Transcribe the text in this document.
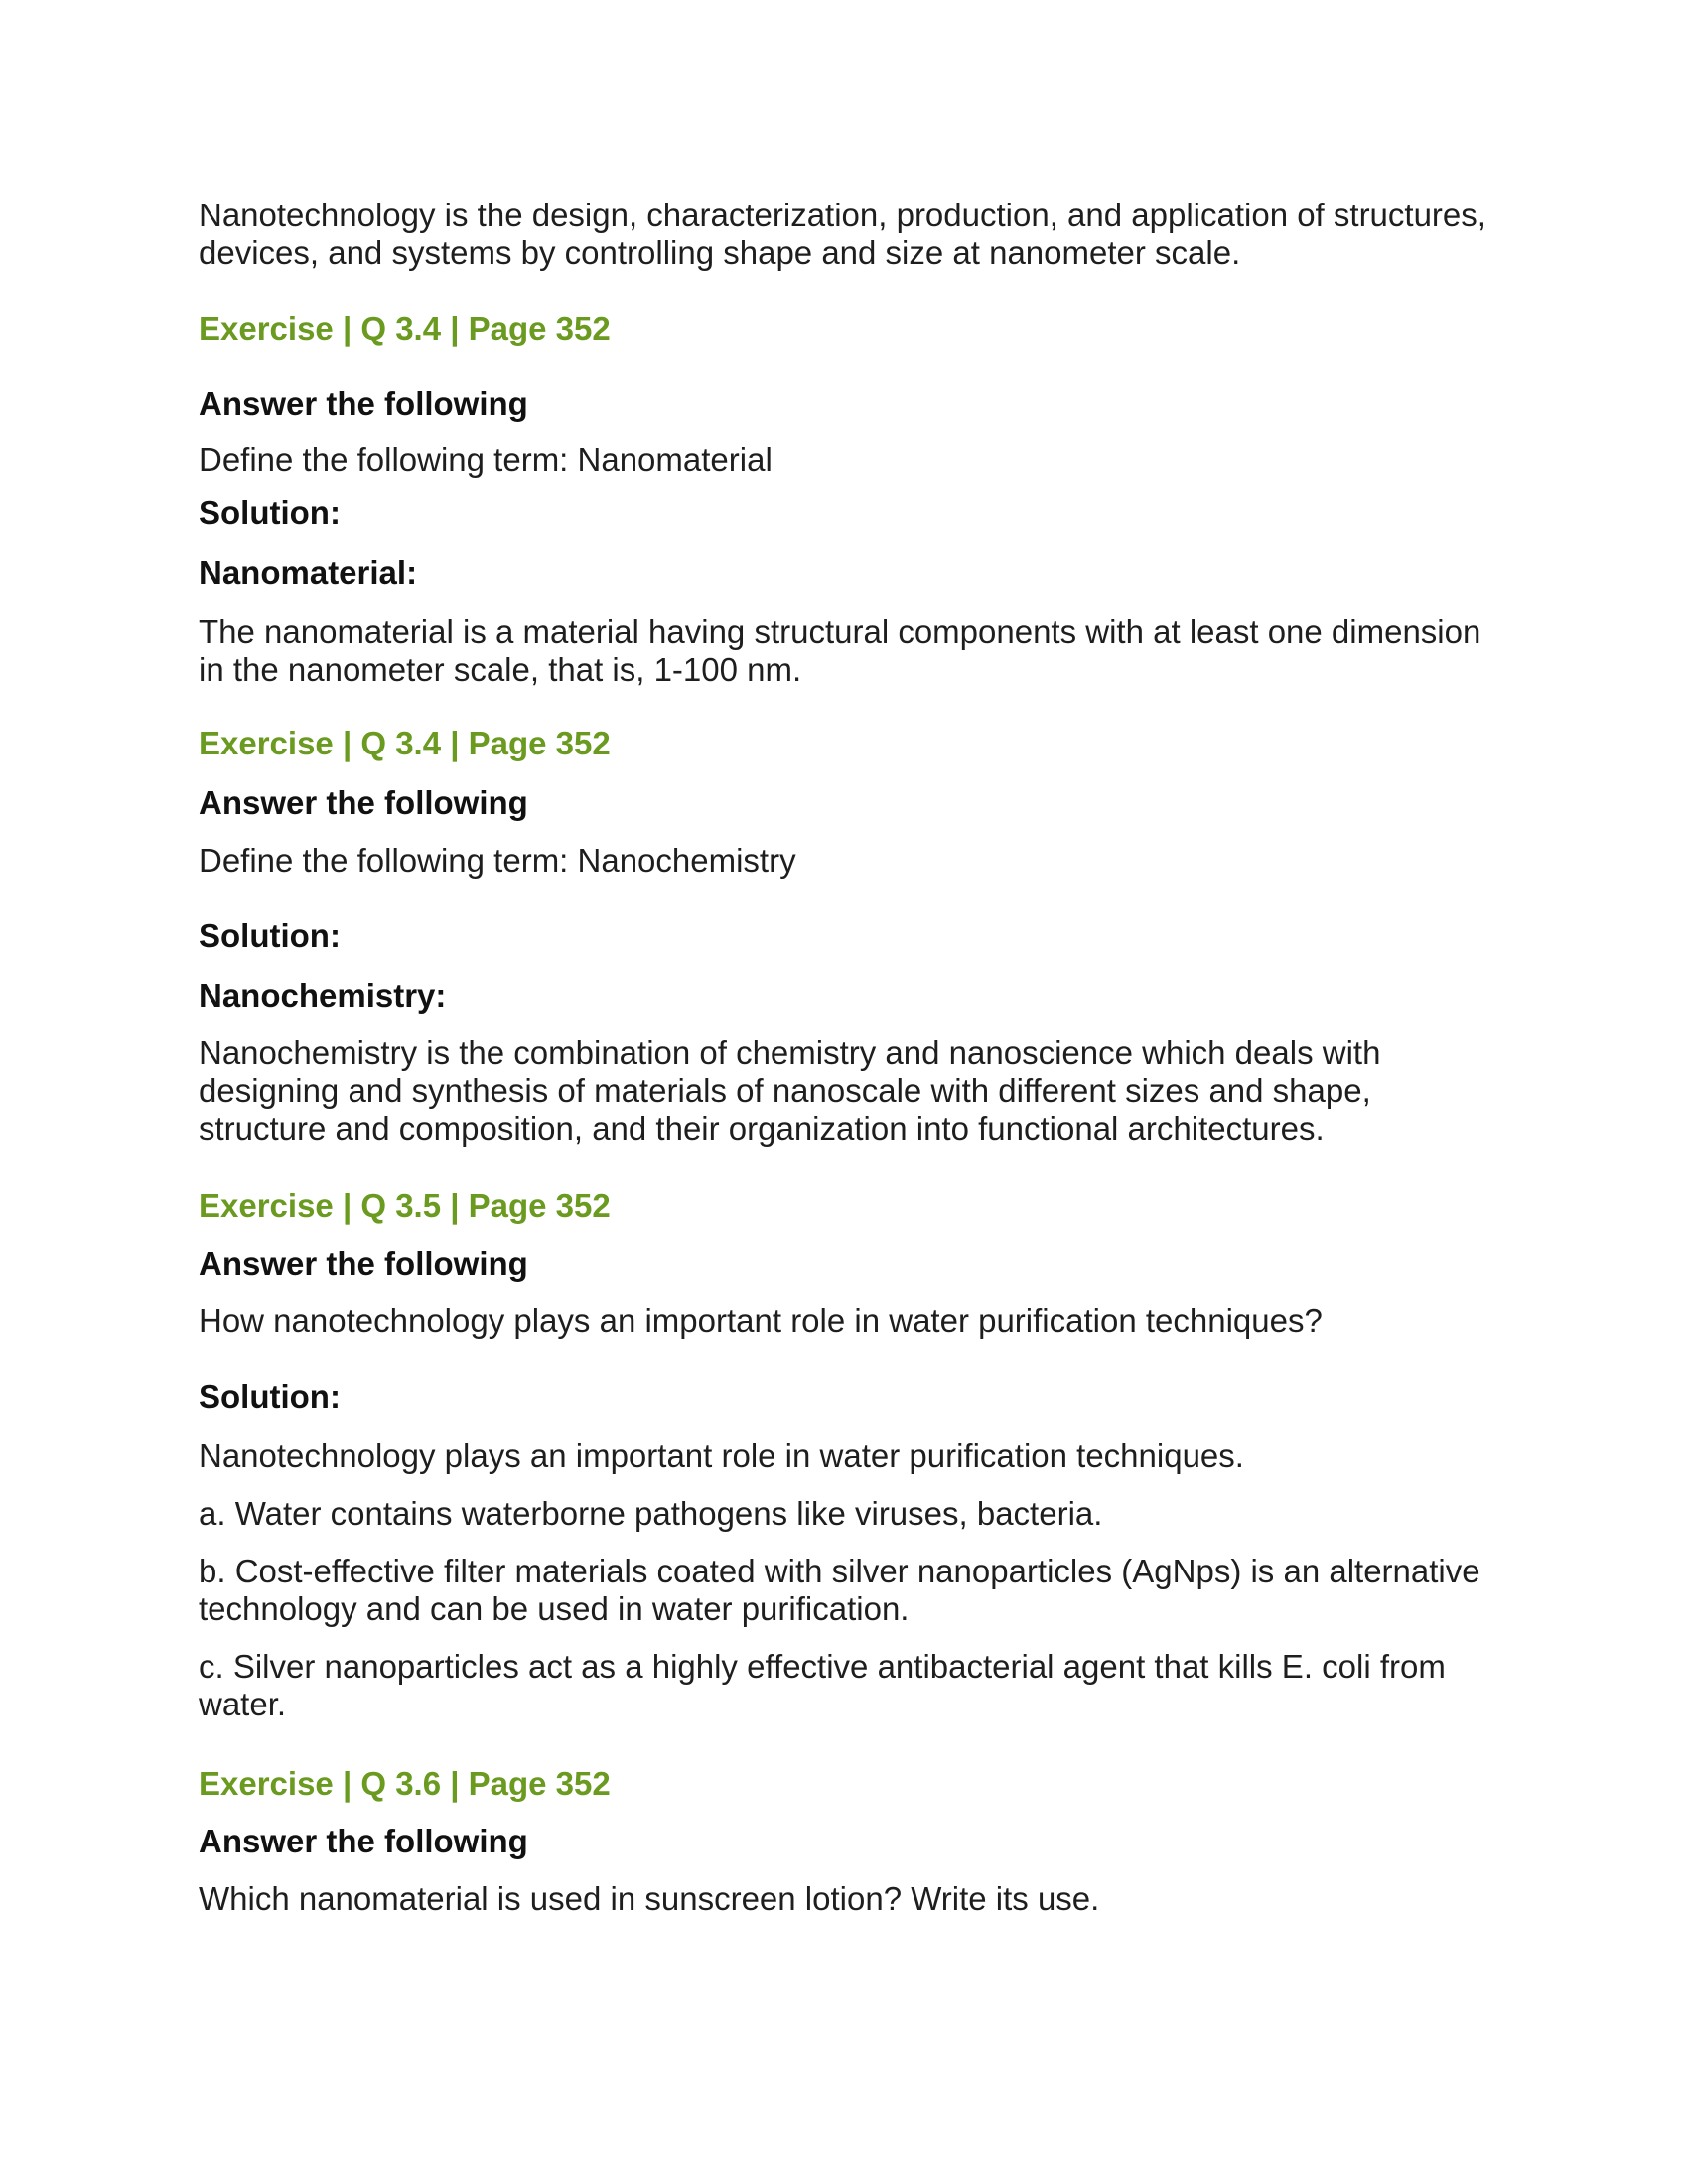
Nanotechnology is the design, characterization, production, and application of structures, devices, and systems by controlling shape and size at nanometer scale.

Exercise | Q 3.4 | Page 352

Answer the following

Define the following term: Nanomaterial

Solution:

Nanomaterial:

The nanomaterial is a material having structural components with at least one dimension in the nanometer scale, that is, 1-100 nm.

Exercise | Q 3.4 | Page 352

Answer the following

Define the following term: Nanochemistry

Solution:

Nanochemistry:

Nanochemistry is the combination of chemistry and nanoscience which deals with designing and synthesis of materials of nanoscale with different sizes and shape, structure and composition, and their organization into functional architectures.

Exercise | Q 3.5 | Page 352

Answer the following

How nanotechnology plays an important role in water purification techniques?

Solution:

Nanotechnology plays an important role in water purification techniques.

a. Water contains waterborne pathogens like viruses, bacteria.

b. Cost-effective filter materials coated with silver nanoparticles (AgNps) is an alternative technology and can be used in water purification.

c. Silver nanoparticles act as a highly effective antibacterial agent that kills E. coli from water.

Exercise | Q 3.6 | Page 352

Answer the following

Which nanomaterial is used in sunscreen lotion? Write its use.
